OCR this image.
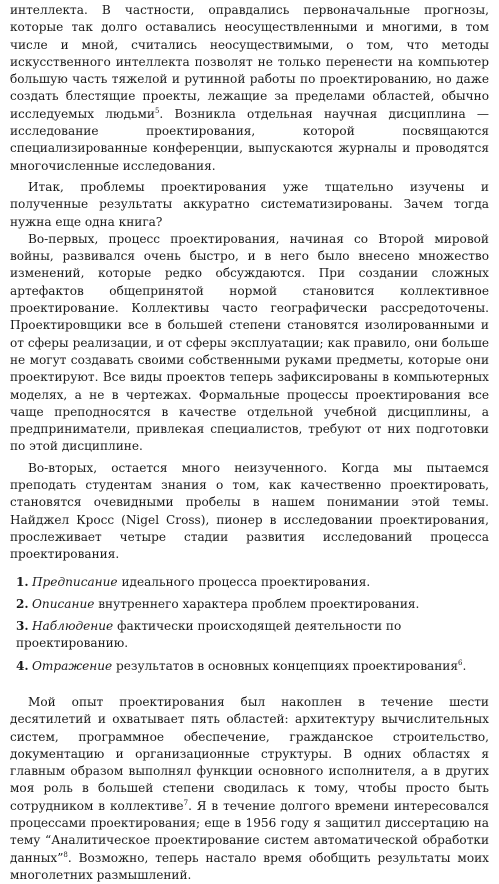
интеллекта. В частности, оправдались первоначальные прогнозы, которые так долго оставались неосуществленными и многими, в том числе и мной, считались неосуществимыми, о том, что методы искусственного интеллекта позволят не только перенести на компьютер большую часть тяжелой и рутинной работы по проектированию, но даже создать блестящие проекты, лежащие за пределами областей, обычно исследуемых людьми$^5$. Возникла отдельная научная дисциплина — исследование проектирования, которой посвящаются специализированные конференции, выпускаются журналы и проводятся многочисленные исследования.

Итак, проблемы проектирования уже тщательно изучены и полученные результаты аккуратно систематизированы. Зачем тогда нужна еще одна книга?

Во-первых, процесс проектирования, начиная со Второй мировой войны, развивался очень быстро, и в него было внесено множество изменений, которые редко обсуждаются. При создании сложных артефактов общепринятой нормой становится коллективное проектирование. Коллективы часто географически рассредоточены. Проектировщики все в большей степени становятся изолированными и от сферы реализации, и от сферы эксплуатации; как правило, они больше не могут создавать своими собственными руками предметы, которые они проектируют. Все виды проектов теперь зафиксированы в компьютерных моделях, а не в чертежах. Формальные процессы проектирования все чаще преподносятся в качестве отдельной учебной дисциплины, а предприниматели, привлекая специалистов, требуют от них подготовки по этой дисциплине.

Во-вторых, остается много неизученного. Когда мы пытаемся преподать студентам знания о том, как качественно проектировать, становятся очевидными пробелы в нашем понимании этой темы. Найджел Кросс (Nigel Cross), пионер в исследовании проектирования, прослеживает четыре стадии развития исследований процесса проектирования.

1. Предписание идеального процесса проектирования.
2. Описание внутреннего характера проблем проектирования.
3. Наблюдение фактически происходящей деятельности по проектированию.
4. Отражение результатов в основных концепциях проектирования$^6$.

Мой опыт проектирования был накоплен в течение шести десятилетий и охватывает пять областей: архитектуру вычислительных систем, программное обеспечение, гражданское строительство, документацию и организационные структуры. В одних областях я главным образом выполнял функции основного исполнителя, а в других моя роль в большей степени сводилась к тому, чтобы просто быть сотрудником в коллективе$^7$. Я в течение долгого времени интересовался процессами проектирования; еще в 1956 году я защитил диссертацию на тему “Аналитическое проектирование систем автоматической обработки данных”$^8$. Возможно, теперь настало время обобщить результаты моих многолетних размышлений.
